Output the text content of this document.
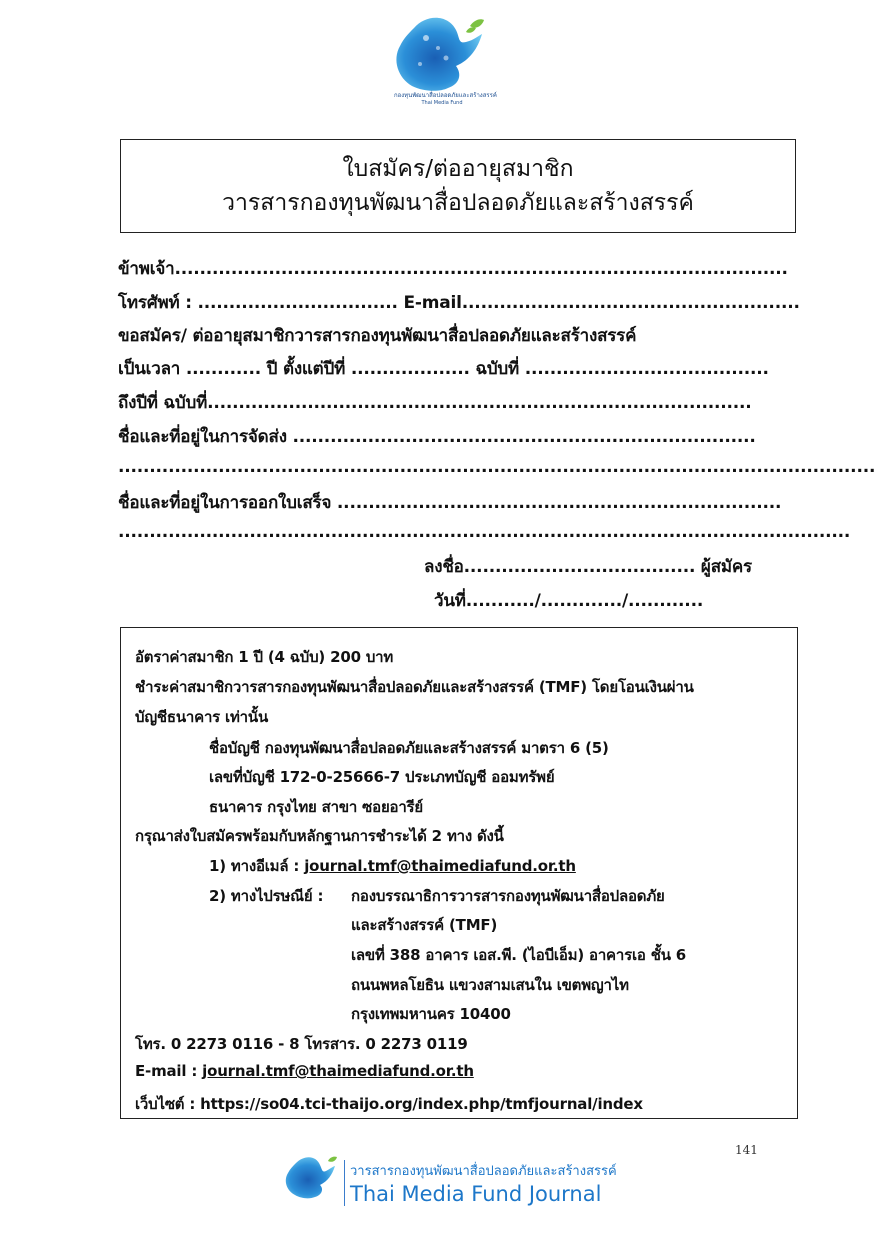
กองทุนพัฒนาสื่อปลอดภัยและสร้างสรรค์
Thai Media Fund
ใบสมัคร/ต่ออายุสมาชิก
วารสารกองทุนพัฒนาสื่อปลอดภัยและสร้างสรรค์
ข้าพเจ้า..................................................................................................
โทรศัพท์ : ................................ E-mail......................................................
ขอสมัคร/ ต่ออายุสมาชิกวารสารกองทุนพัฒนาสื่อปลอดภัยและสร้างสรรค์
เป็นเวลา ............ ปี ตั้งแต่ปีที่ ................... ฉบับที่ .......................................
ถึงปีที่ ฉบับที่.......................................................................................
ชื่อและที่อยู่ในการจัดส่ง ..........................................................................
.........................................................................................................................
ชื่อและที่อยู่ในการออกใบเสร็จ .......................................................................
.....................................................................................................................
ลงชื่อ..................................... ผู้สมัคร
วันที่.........../............./............
อัตราค่าสมาชิก 1 ปี (4 ฉบับ) 200 บาท
ชำระค่าสมาชิกวารสารกองทุนพัฒนาสื่อปลอดภัยและสร้างสรรค์ (TMF) โดยโอนเงินผ่าน
บัญชีธนาคาร เท่านั้น
ชื่อบัญชี กองทุนพัฒนาสื่อปลอดภัยและสร้างสรรค์ มาตรา 6 (5)
เลขที่บัญชี 172-0-25666-7 ประเภทบัญชี ออมทรัพย์
ธนาคาร กรุงไทย สาขา ซอยอารีย์
กรุณาส่งใบสมัครพร้อมกับหลักฐานการชำระได้ 2 ทาง ดังนี้
1) ทางอีเมล์ : journal.tmf@thaimediafund.or.th
2) ทางไปรษณีย์ : กองบรรณาธิการวารสารกองทุนพัฒนาสื่อปลอดภัย
และสร้างสรรค์ (TMF)
เลขที่ 388 อาคาร เอส.พี. (ไอบีเอ็ม) อาคารเอ ชั้น 6
ถนนพหลโยธิน แขวงสามเสนใน เขตพญาไท
กรุงเทพมหานคร 10400
โทร. 0 2273 0116 - 8 โทรสาร. 0 2273 0119
E-mail : journal.tmf@thaimediafund.or.th
เว็บไซต์ : https://so04.tci-thaijo.org/index.php/tmfjournal/index
141
วารสารกองทุนพัฒนาสื่อปลอดภัยและสร้างสรรค์
Thai Media Fund Journal
